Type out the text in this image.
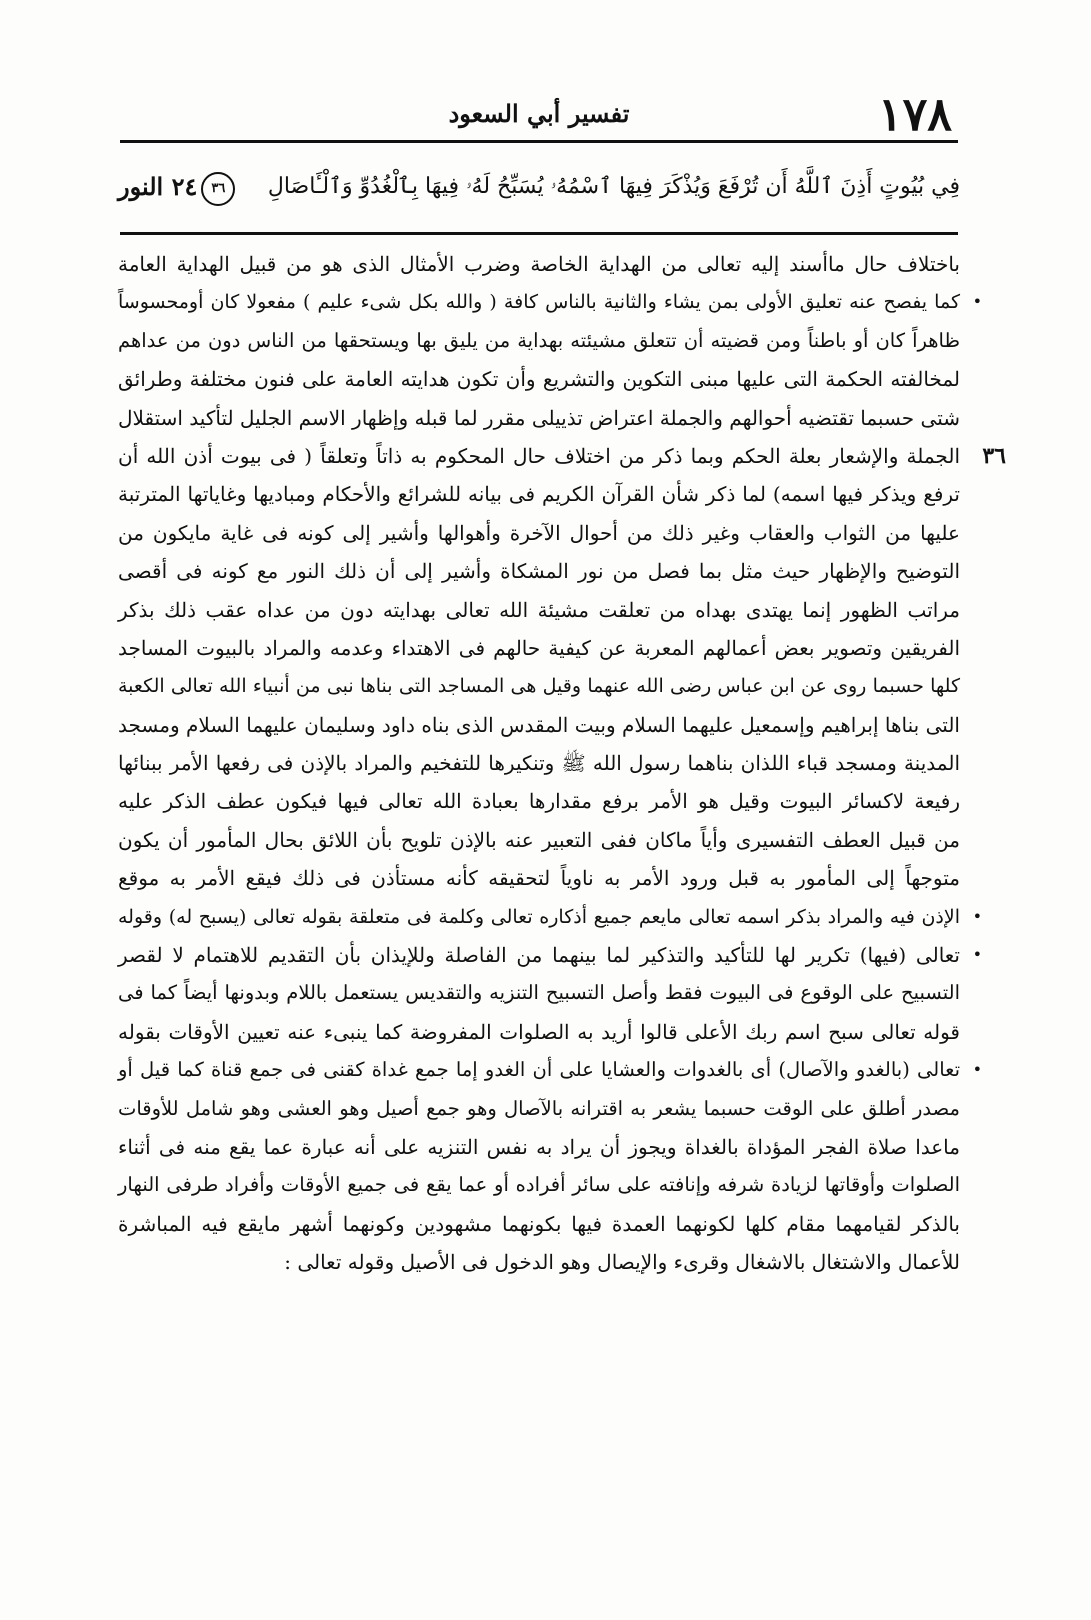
١٧٨
تفسير أبي السعود
فِي بُيُوتٍ أَذِنَ ٱللَّهُ أَن تُرْفَعَ وَيُذْكَرَ فِيهَا ٱسْمُهُۥ يُسَبِّحُ لَهُۥ فِيهَا بِٱلْغُدُوِّ وَٱلْـَٔاصَالِ
٣٦٢٤ النور
باختلاف حال ماأسند إليه تعالى من الهداية الخاصة وضرب الأمثال الذى هو من قبيل الهداية العامة
كما يفصح عنه تعليق الأولى بمن يشاء والثانية بالناس كافة ( والله بكل شىء عليم ) مفعولا كان أومحسوساً •
ظاهراً كان أو باطناً ومن قضيته أن تتعلق مشيئته بهداية من يليق بها ويستحقها من الناس دون من عداهم
لمخالفته الحكمة التى عليها مبنى التكوين والتشريع وأن تكون هدايته العامة على فنون مختلفة وطرائق
شتى حسبما تقتضيه أحوالهم والجملة اعتراض تذييلى مقرر لما قبله وإظهار الاسم الجليل لتأكيد استقلال
الجملة والإشعار بعلة الحكم وبما ذكر من اختلاف حال المحكوم به ذاتاً وتعلقاً ( فى بيوت أذن الله أن ٣٦
ترفع ويذكر فيها اسمه) لما ذكر شأن القرآن الكريم فى بيانه للشرائع والأحكام ومباديها وغاياتها المترتبة
عليها من الثواب والعقاب وغير ذلك من أحوال الآخرة وأهوالها وأشير إلى كونه فى غاية مايكون من
التوضيح والإظهار حيث مثل بما فصل من نور المشكاة وأشير إلى أن ذلك النور مع كونه فى أقصى
مراتب الظهور إنما يهتدى بهداه من تعلقت مشيئة الله تعالى بهدايته دون من عداه عقب ذلك بذكر
الفريقين وتصوير بعض أعمالهم المعربة عن كيفية حالهم فى الاهتداء وعدمه والمراد بالبيوت المساجد
كلها حسبما روى عن ابن عباس رضى الله عنهما وقيل هى المساجد التى بناها نبى من أنبياء الله تعالى الكعبة
التى بناها إبراهيم وإسمعيل عليهما السلام وبيت المقدس الذى بناه داود وسليمان عليهما السلام ومسجد
المدينة ومسجد قباء اللذان بناهما رسول الله ﷺ وتنكيرها للتفخيم والمراد بالإذن فى رفعها الأمر ببنائها
رفيعة لاكسائر البيوت وقيل هو الأمر برفع مقدارها بعبادة الله تعالى فيها فيكون عطف الذكر عليه
من قبيل العطف التفسيرى وأياً ماكان ففى التعبير عنه بالإذن تلويح بأن اللائق بحال المأمور أن يكون
متوجهاً إلى المأمور به قبل ورود الأمر به ناوياً لتحقيقه كأنه مستأذن فى ذلك فيقع الأمر به موقع
الإذن فيه والمراد بذكر اسمه تعالى مايعم جميع أذكاره تعالى وكلمة فى متعلقة بقوله تعالى (يسبح له) وقوله •
تعالى (فيها) تكرير لها للتأكيد والتذكير لما بينهما من الفاصلة وللإيذان بأن التقديم للاهتمام لا لقصر •
التسبيح على الوقوع فى البيوت فقط وأصل التسبيح التنزيه والتقديس يستعمل باللام وبدونها أيضاً كما فى
قوله تعالى سبح اسم ربك الأعلى قالوا أريد به الصلوات المفروضة كما ينبىء عنه تعيين الأوقات بقوله
تعالى (بالغدو والآصال) أى بالغدوات والعشايا على أن الغدو إما جمع غداة كقنى فى جمع قناة كما قيل أو •
مصدر أطلق على الوقت حسبما يشعر به اقترانه بالآصال وهو جمع أصيل وهو العشى وهو شامل للأوقات
ماعدا صلاة الفجر المؤداة بالغداة ويجوز أن يراد به نفس التنزيه على أنه عبارة عما يقع منه فى أثناء
الصلوات وأوقاتها لزيادة شرفه وإنافته على سائر أفراده أو عما يقع فى جميع الأوقات وأفراد طرفى النهار
بالذكر لقيامهما مقام كلها لكونهما العمدة فيها بكونهما مشهودين وكونهما أشهر مايقع فيه المباشرة
للأعمال والاشتغال بالاشغال وقرىء والإيصال وهو الدخول فى الأصيل وقوله تعالى :
